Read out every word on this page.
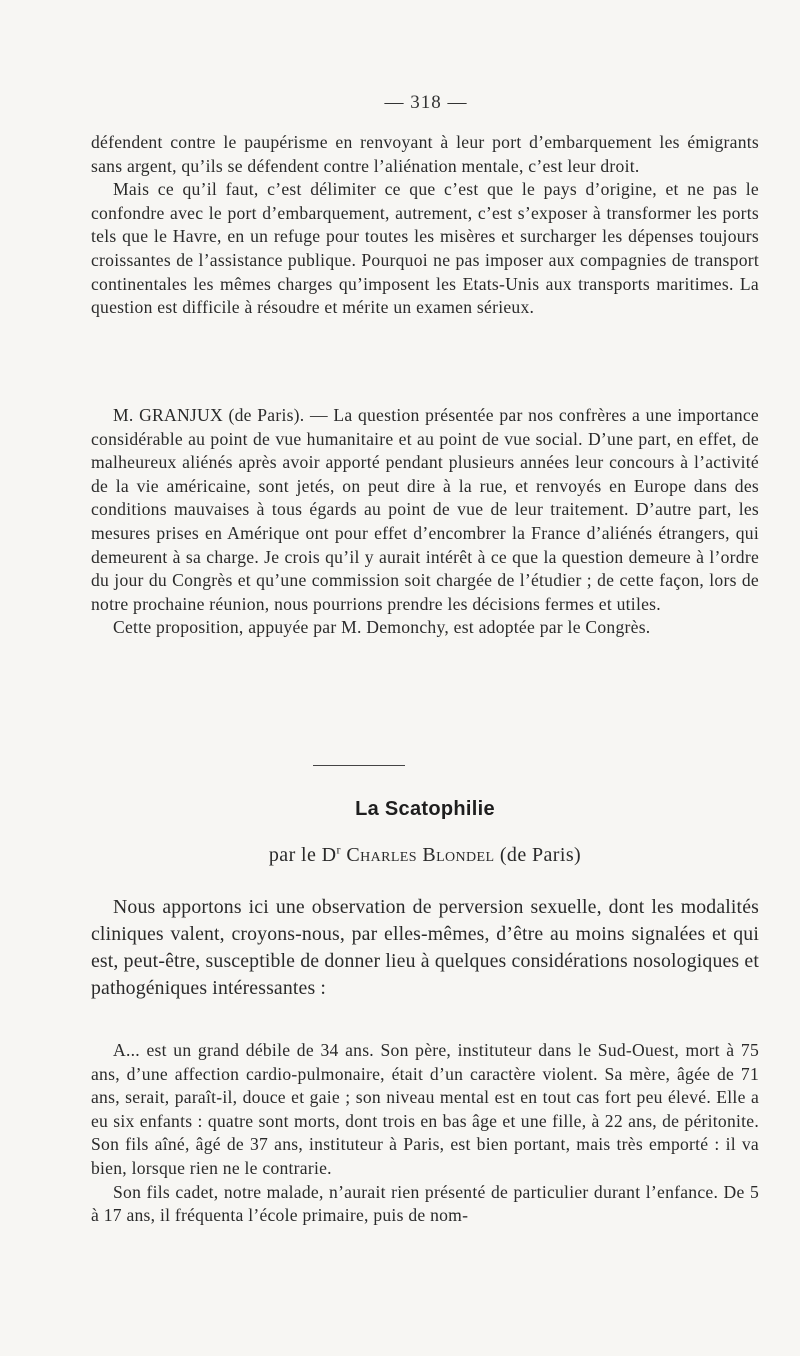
— 318 —

défendent contre le paupérisme en renvoyant à leur port d’embarquement les émigrants sans argent, qu’ils se défendent contre l’aliénation mentale, c’est leur droit.

Mais ce qu’il faut, c’est délimiter ce que c’est que le pays d’origine, et ne pas le confondre avec le port d’embarquement, autrement, c’est s’exposer à transformer les ports tels que le Havre, en un refuge pour toutes les misères et surcharger les dépenses toujours croissantes de l’assistance publique. Pourquoi ne pas imposer aux compagnies de transport continentales les mêmes charges qu’imposent les Etats-Unis aux transports maritimes. La question est difficile à résoudre et mérite un examen sérieux.

M. GRANJUX (de Paris). — La question présentée par nos confrères a une importance considérable au point de vue humanitaire et au point de vue social. D’une part, en effet, de malheureux aliénés après avoir apporté pendant plusieurs années leur concours à l’activité de la vie américaine, sont jetés, on peut dire à la rue, et renvoyés en Europe dans des conditions mauvaises à tous égards au point de vue de leur traitement. D’autre part, les mesures prises en Amérique ont pour effet d’encombrer la France d’aliénés étrangers, qui demeurent à sa charge. Je crois qu’il y aurait intérêt à ce que la question demeure à l’ordre du jour du Congrès et qu’une commission soit chargée de l’étudier ; de cette façon, lors de notre prochaine réunion, nous pourrions prendre les décisions fermes et utiles.

Cette proposition, appuyée par M. Demonchy, est adoptée par le Congrès.

La Scatophilie
par le $D^r$ Charles Blondel (de Paris)

Nous apportons ici une observation de perversion sexuelle, dont les modalités cliniques valent, croyons-nous, par elles-mêmes, d’être au moins signalées et qui est, peut-être, susceptible de donner lieu à quelques considérations nosologiques et pathogéniques intéressantes :

A... est un grand débile de 34 ans. Son père, instituteur dans le Sud-Ouest, mort à 75 ans, d’une affection cardio-pulmonaire, était d’un caractère violent. Sa mère, âgée de 71 ans, serait, paraît-il, douce et gaie ; son niveau mental est en tout cas fort peu élevé. Elle a eu six enfants : quatre sont morts, dont trois en bas âge et une fille, à 22 ans, de péritonite. Son fils aîné, âgé de 37 ans, instituteur à Paris, est bien portant, mais très emporté : il va bien, lorsque rien ne le contrarie.

Son fils cadet, notre malade, n’aurait rien présenté de particulier durant l’enfance. De 5 à 17 ans, il fréquenta l’école primaire, puis de nom-
